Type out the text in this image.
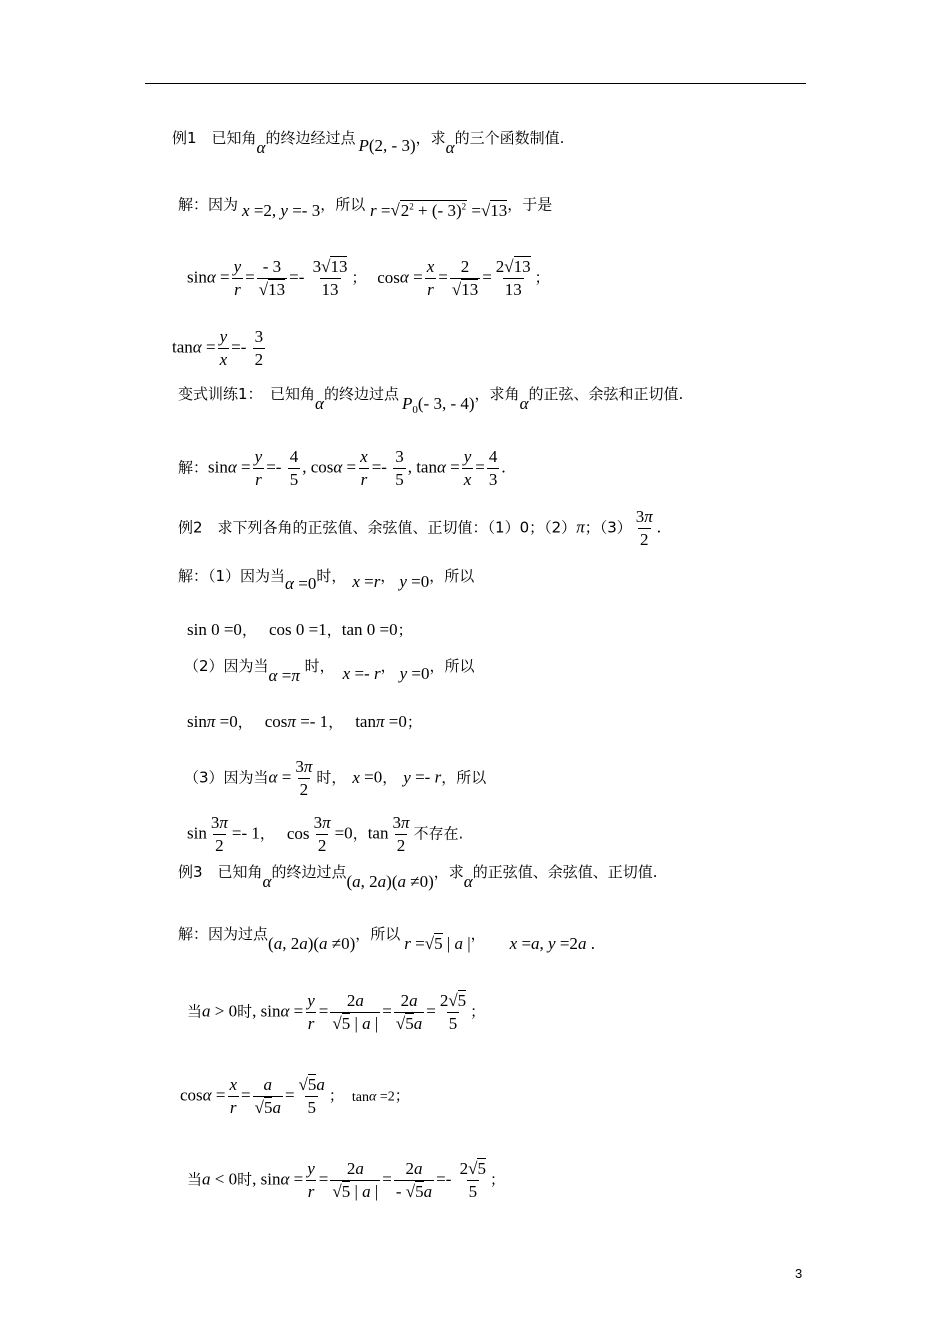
例1　已知角α的终边经过点 P(2, - 3)，求α的三个函数制值.
解：因为 x =2, y =- 3，所以 $r =√2^2$ + (- 3)$^2$ =√13，于是
$\sin\alpha = \frac{y}{r} = \frac{- 3}{√13} =- \frac{3√13}{13}$ ； $\cos\alpha = \frac{x}{r} = \frac{2}{√13} = \frac{2√13}{13}$ ；
$\tan\alpha = \frac{y}{x} =- \frac{3}{2}$
变式训练1：　已知角α的终边过点 $P_0(-$ 3, - 4)，求角α的正弦、余弦和正切值.
解：$\sin\alpha = \frac{y}{r} =- \frac{4}{5}$ , $\cos\alpha = \frac{x}{r} =- \frac{3}{5}$ , $\tan\alpha = \frac{y}{x} = \frac{4}{3}$ .
例2　求下列各角的正弦值、余弦值、正切值：（1）0；（2）π；$(3) \frac{3\pi}{2}$ .
解：（1）因为当α =0时， x =r， y =0，所以
sin 0 =0， cos 0 =1，tan 0 =0；
（2）因为当α =π 时， x =- r， y =0，所以
sinπ =0， cosπ =- 1， tanπ =0；
（3）因为当$\alpha = \frac{3\pi}{2}$ 时， x =0， y =- r，所以
$\sin \frac{3\pi}{2} =- 1$， $\cos \frac{3\pi}{2} =0$，$\tan \frac{3\pi}{2}$ 不存在.
例3　已知角α的终边过点(a, 2a)(a ≠0)，求α的正弦值、余弦值、正切值.
解：因为过点(a, 2a)(a ≠0)，所以 r =√5 | a |， x =a, y =2a .
当a > 0时, $\sin\alpha = \frac{y}{r} = \frac{2a}{√5 | a |} = \frac{2a}{√5a} = \frac{2√5}{5}$ ；
$\cos\alpha = \frac{x}{r} = \frac{a}{√5a} = \frac{√5a}{5}$ ； tanα =2；
当a < 0时, $\sin\alpha = \frac{y}{r} = \frac{2a}{√5 | a |} = \frac{2a}{- √5a} =- \frac{2√5}{5}$ ；
3
